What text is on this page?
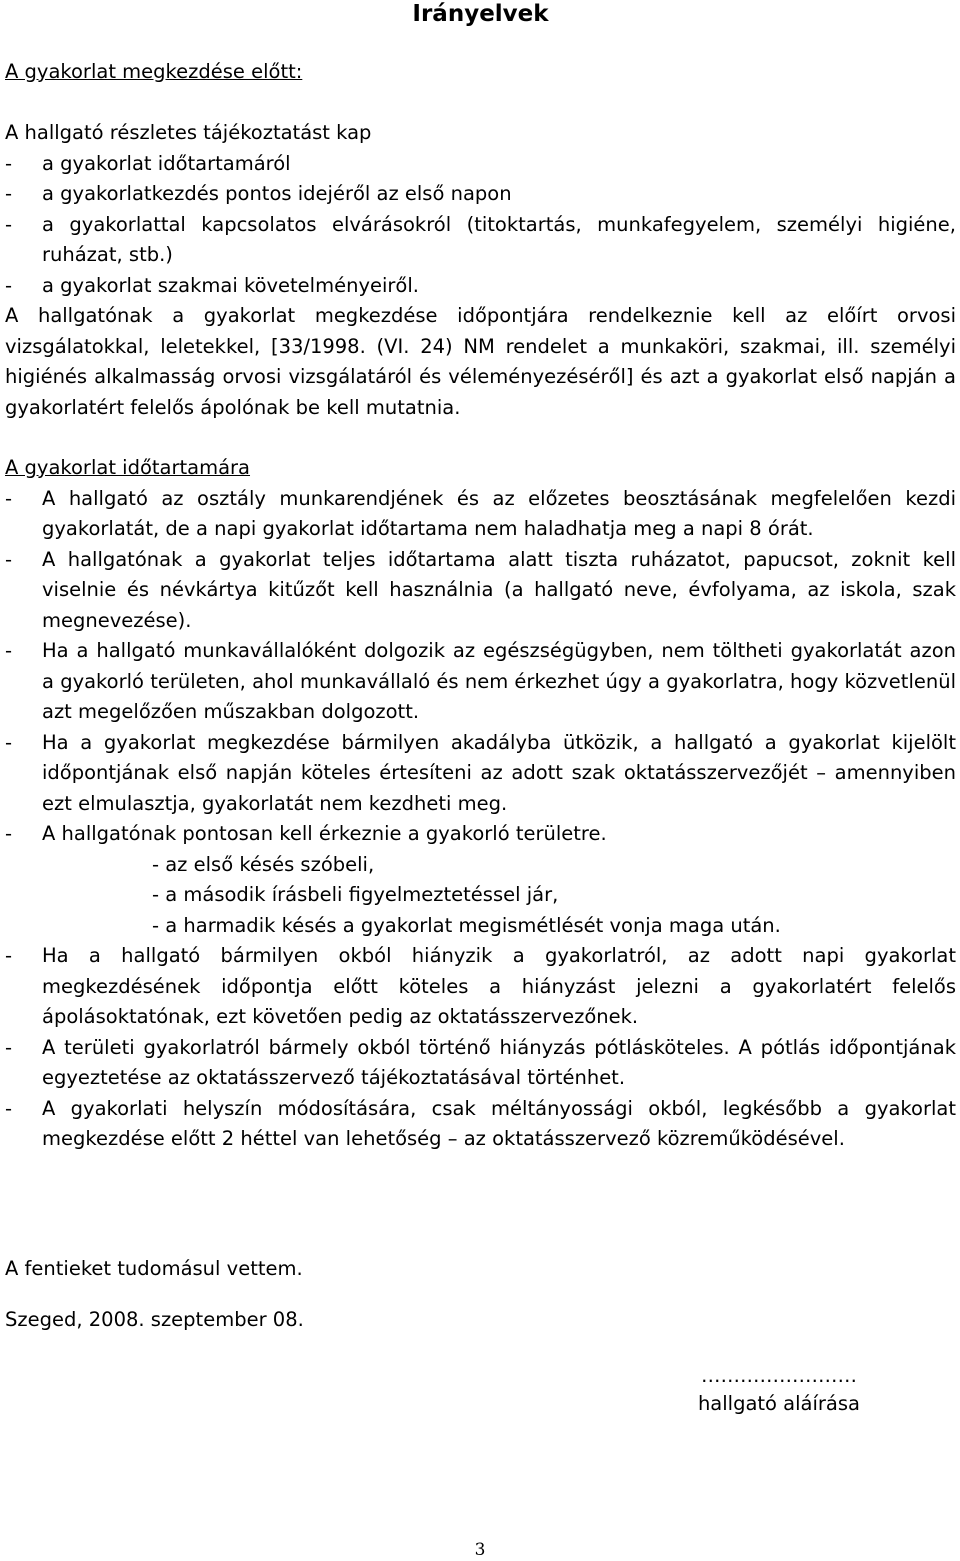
Irányelvek
A gyakorlat megkezdése előtt:
A hallgató részletes tájékoztatást kap
- a gyakorlat időtartamáról
- a gyakorlatkezdés pontos idejéről az első napon
- a gyakorlattal kapcsolatos elvárásokról (titoktartás, munkafegyelem, személyi higiéne, ruházat, stb.)
- a gyakorlat szakmai követelményeiről.

A hallgatónak a gyakorlat megkezdése időpontjára rendelkeznie kell az előírt orvosi vizsgálatokkal, leletekkel, [33/1998. (VI. 24) NM rendelet a munkaköri, szakmai, ill. személyi higiénés alkalmasság orvosi vizsgálatáról és véleményezéséről] és azt a gyakorlat első napján a gyakorlatért felelős ápolónak be kell mutatnia.

A gyakorlat időtartamára
- A hallgató az osztály munkarendjének és az előzetes beosztásának megfelelően kezdi gyakorlatát, de a napi gyakorlat időtartama nem haladhatja meg a napi 8 órát.
- A hallgatónak a gyakorlat teljes időtartama alatt tiszta ruházatot, papucsot, zoknit kell viselnie és névkártya kitűzőt kell használnia (a hallgató neve, évfolyama, az iskola, szak megnevezése).
- Ha a hallgató munkavállalóként dolgozik az egészségügyben, nem töltheti gyakorlatát azon a gyakorló területen, ahol munkavállaló és nem érkezhet úgy a gyakorlatra, hogy közvetlenül azt megelőzően műszakban dolgozott.
- Ha a gyakorlat megkezdése bármilyen akadályba ütközik, a hallgató a gyakorlat kijelölt időpontjának első napján köteles értesíteni az adott szak oktatásszervezőjét – amennyiben ezt elmulasztja, gyakorlatát nem kezdheti meg.
- A hallgatónak pontosan kell érkeznie a gyakorló területre.
- az első késés szóbeli,
- a második írásbeli figyelmeztetéssel jár,
- a harmadik késés a gyakorlat megismétlését vonja maga után.
- Ha a hallgató bármilyen okból hiányzik a gyakorlatról, az adott napi gyakorlat megkezdésének időpontja előtt köteles a hiányzást jelezni a gyakorlatért felelős ápolásoktatónak, ezt követően pedig az oktatásszervezőnek.
- A területi gyakorlatról bármely okból történő hiányzás pótlásköteles. A pótlás időpontjának egyeztetése az oktatásszervező tájékoztatásával történhet.
- A gyakorlati helyszín módosítására, csak méltányossági okból, legkésőbb a gyakorlat megkezdése előtt 2 héttel van lehetőség – az oktatásszervező közreműködésével.
A fentieket tudomásul vettem.
Szeged, 2008. szeptember 08.
……………………
hallgató aláírása
3
